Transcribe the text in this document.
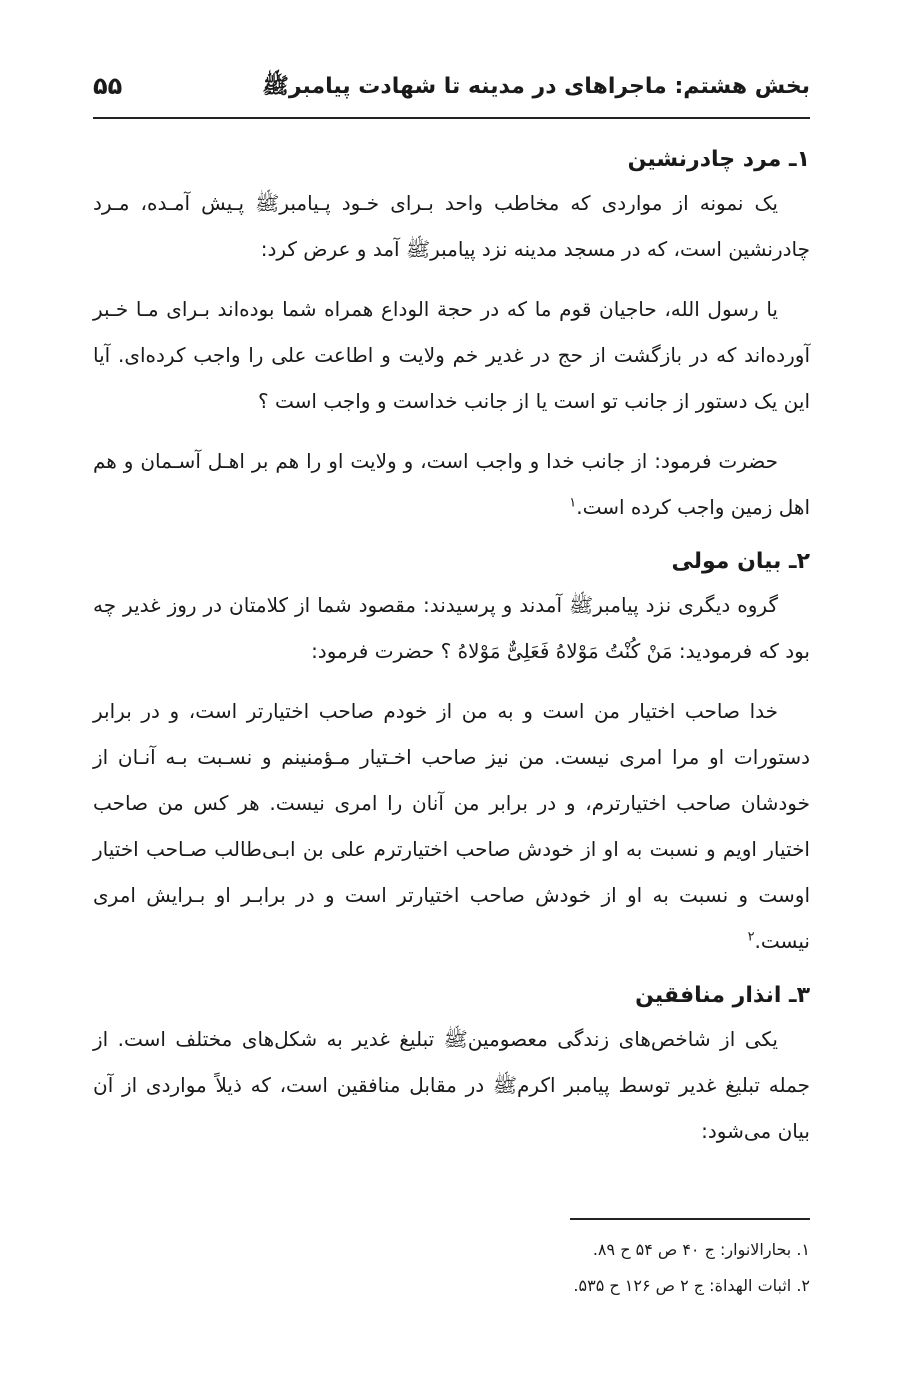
بخش هشتم: ماجراهای در مدینه تا شهادت پیامبرﷺ
۵۵
۱ـ مرد چادرنشین

یک نمونه از مواردی که مخاطب واحد بـرای خـود پـیامبرﷺ پـیش آمـده، مـرد چادرنشین است، که در مسجد مدینه نزد پیامبرﷺ آمد و عرض کرد:

یا رسول الله، حاجیان قوم ما که در حجة الوداع همراه شما بوده‌اند بـرای مـا خـبر آورده‌اند که در بازگشت از حج در غدیر خم ولایت و اطاعت علی را واجب کرده‌ای. آیا این یک دستور از جانب تو است یا از جانب خداست و واجب است ؟

حضرت فرمود: از جانب خدا و واجب است، و ولایت او را هم بر اهـل آسـمان و هم اهل زمین واجب کرده است.$^۱$

۲ـ بیان مولی

گروه دیگری نزد پیامبرﷺ آمدند و پرسیدند: مقصود شما از کلامتان در روز غدیر چه بود که فرمودید: مَنْ کُنْتُ مَوْلاهُ فَعَلِیٌّ مَوْلاهُ ؟ حضرت فرمود:

خدا صاحب اختیار من است و به من از خودم صاحب اختیارتر است، و در برابر دستورات او مرا امری نیست. من نیز صاحب اخـتیار مـؤمنینم و نسـبت بـه آنـان از خودشان صاحب اختیارترم، و در برابر من آنان را امری نیست. هر کس من صاحب اختیار اویم و نسبت به او از خودش صاحب اختیارترم علی بن ابـی‌طالب صـاحب اختیار اوست و نسبت به او از خودش صاحب اختیارتر است و در برابـر او بـرایش امری نیست.$^۲$

۳ـ انذار منافقین

یکی از شاخص‌های زندگی معصومینﷺ تبلیغ غدیر به شکل‌های مختلف است. از جمله تبلیغ غدیر توسط پیامبر اکرمﷺ در مقابل منافقین است، که ذیلاً مواردی از آن بیان می‌شود:

۱. بحارالانوار: ج ۴۰ ص ۵۴ ح ۸۹.
۲. اثبات الهداة: ج ۲ ص ۱۲۶ ح ۵۳۵.
